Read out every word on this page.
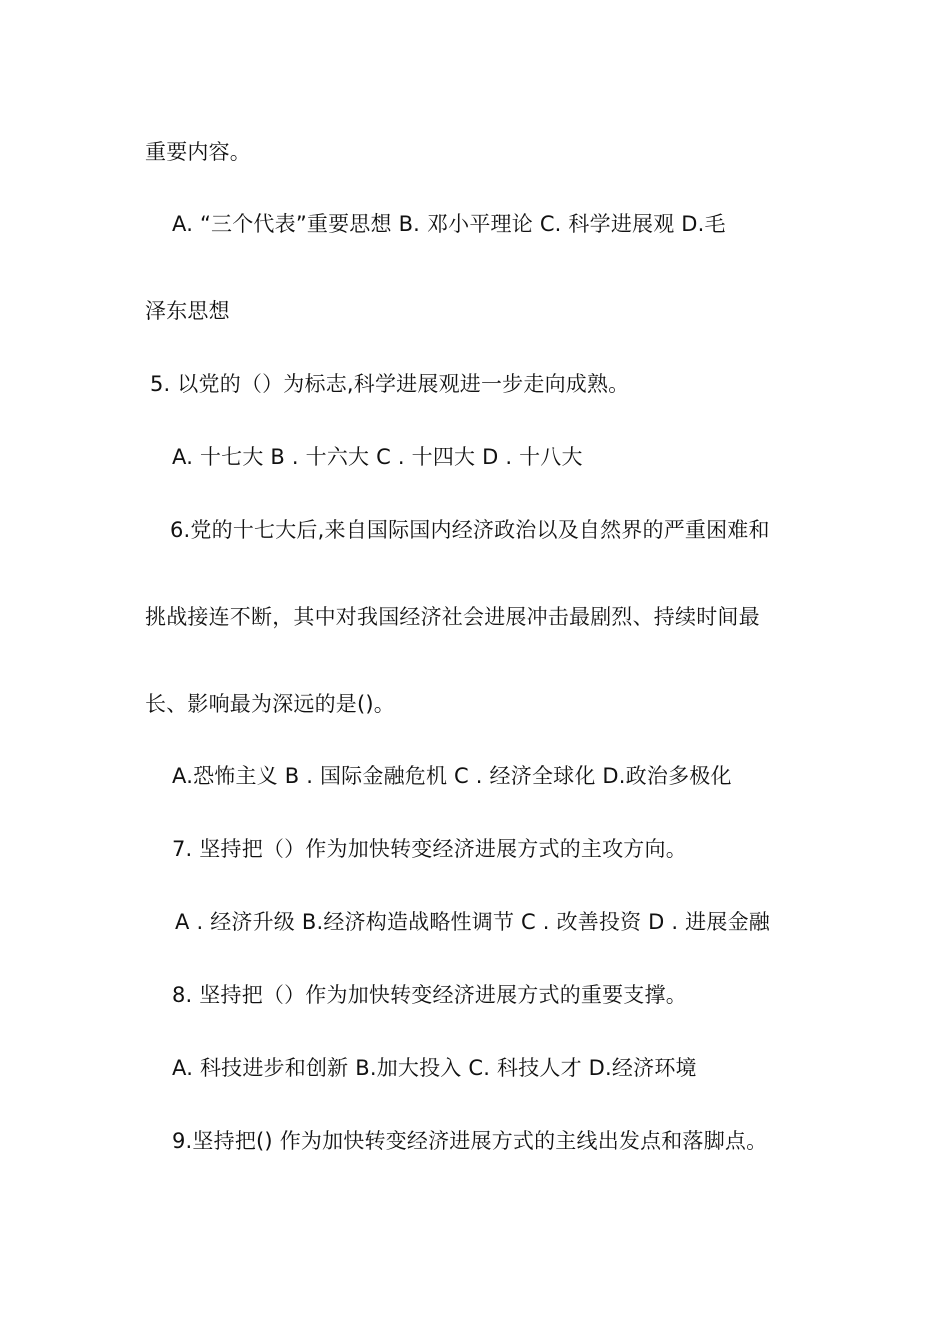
重要内容。
A. “三个代表”重要思想 B. 邓小平理论 C. 科学进展观 D.毛
泽东思想
5. 以党的（）为标志,科学进展观进一步走向成熟。
A. 十七大 B . 十六大 C . 十四大 D . 十八大
6.党的十七大后,来自国际国内经济政治以及自然界的严重困难和
挑战接连不断，其中对我国经济社会进展冲击最剧烈、持续时间最
长、影响最为深远的是()。
A.恐怖主义 B . 国际金融危机 C . 经济全球化 D.政治多极化
7. 坚持把（）作为加快转变经济进展方式的主攻方向。
A . 经济升级 B.经济构造战略性调节 C . 改善投资 D . 进展金融
8. 坚持把（）作为加快转变经济进展方式的重要支撑。
A. 科技进步和创新 B.加大投入 C. 科技人才 D.经济环境
9.坚持把() 作为加快转变经济进展方式的主线出发点和落脚点。
